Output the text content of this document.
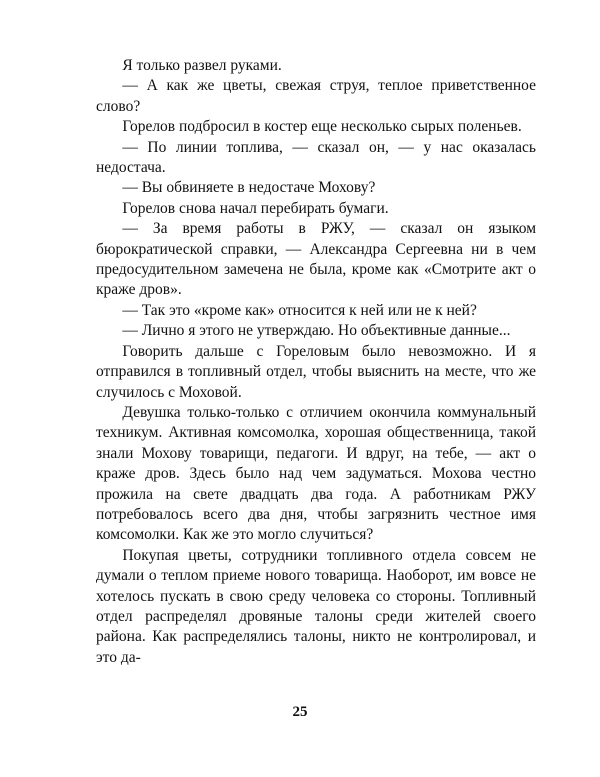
Я только развел руками.

— А как же цветы, свежая струя, теплое приветственное слово?

Горелов подбросил в костер еще несколько сырых поленьев.

— По линии топлива, — сказал он, — у нас оказалась недостача.

— Вы обвиняете в недостаче Мохову?

Горелов снова начал перебирать бумаги.

— За время работы в РЖУ, — сказал он языком бюрократической справки, — Александра Сергеевна ни в чем предосудительном замечена не была, кроме как «Смотрите акт о краже дров».

— Так это «кроме как» относится к ней или не к ней?

— Лично я этого не утверждаю. Но объективные данные...

Говорить дальше с Гореловым было невозможно. И я отправился в топливный отдел, чтобы выяснить на месте, что же случилось с Моховой.

Девушка только-только с отличием окончила коммунальный техникум. Активная комсомолка, хорошая общественница, такой знали Мохову товарищи, педагоги. И вдруг, на тебе, — акт о краже дров. Здесь было над чем задуматься. Мохова честно прожила на свете двадцать два года. А работникам РЖУ потребовалось всего два дня, чтобы загрязнить честное имя комсомолки. Как же это могло случиться?

Покупая цветы, сотрудники топливного отдела совсем не думали о теплом приеме нового товарища. Наоборот, им вовсе не хотелось пускать в свою среду человека со стороны. Топливный отдел распределял дровяные талоны среди жителей своего района. Как распределялись талоны, никто не контролировал, и это да-

25
